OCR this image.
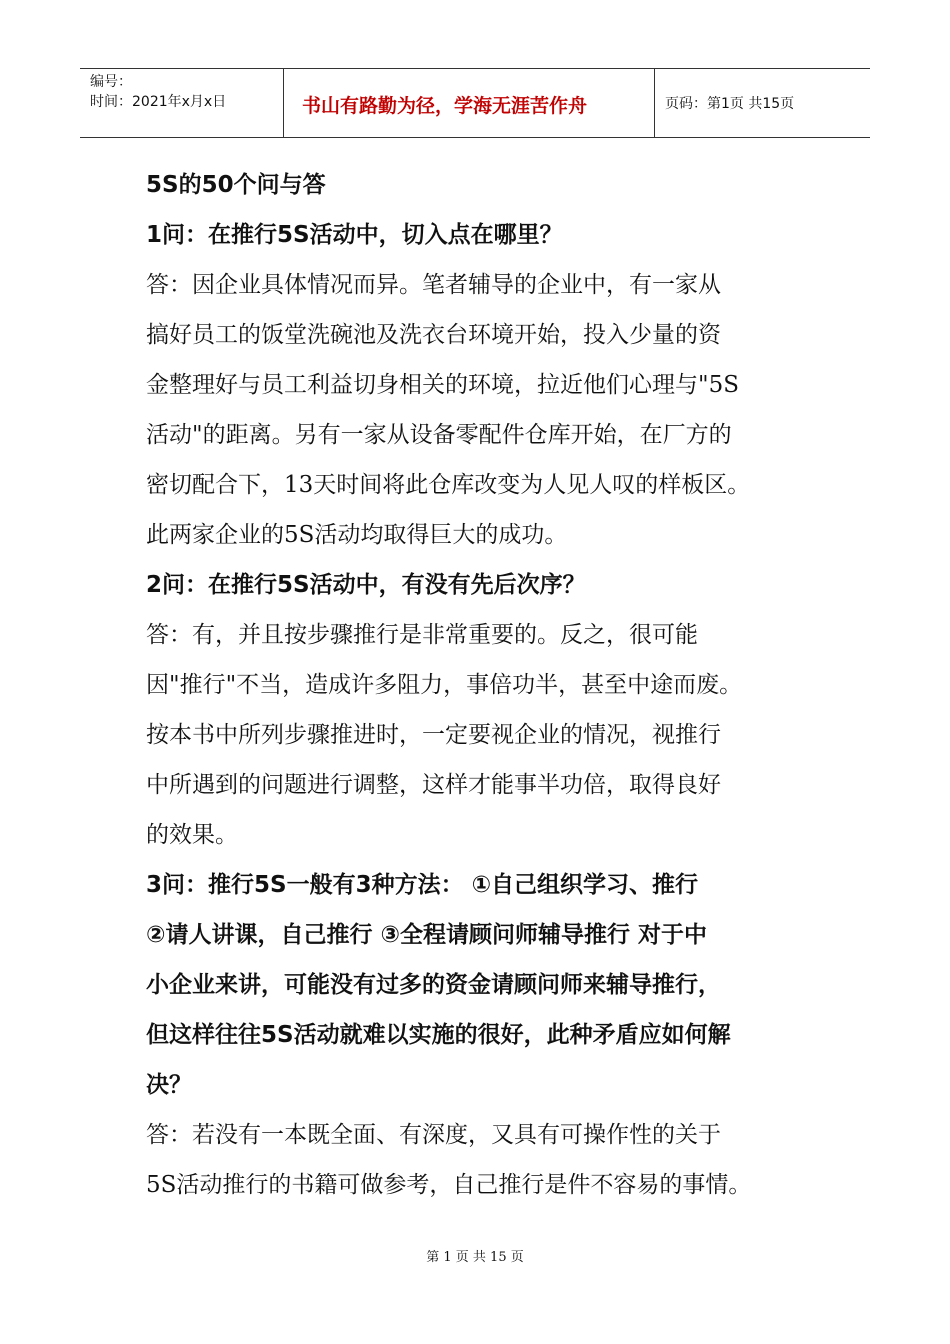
编号：
时间：2021年x月x日	书山有路勤为径，学海无涯苦作舟	页码：第1页 共15页
5S的50个问与答
1问：在推行5S活动中，切入点在哪里？
答：因企业具体情况而异。笔者辅导的企业中，有一家从
搞好员工的饭堂洗碗池及洗衣台环境开始，投入少量的资
金整理好与员工利益切身相关的环境，拉近他们心理与"5S
活动"的距离。另有一家从设备零配件仓库开始，在厂方的
密切配合下，13天时间将此仓库改变为人见人叹的样板区。
此两家企业的5S活动均取得巨大的成功。
2问：在推行5S活动中，有没有先后次序？
答：有，并且按步骤推行是非常重要的。反之，很可能
因"推行"不当，造成许多阻力，事倍功半，甚至中途而废。
按本书中所列步骤推进时，一定要视企业的情况，视推行
中所遇到的问题进行调整，这样才能事半功倍，取得良好
的效果。
3问：推行5S一般有3种方法： ①自己组织学习、推行
②请人讲课，自己推行 ③全程请顾问师辅导推行 对于中
小企业来讲，可能没有过多的资金请顾问师来辅导推行，
但这样往往5S活动就难以实施的很好，此种矛盾应如何解
决？
答：若没有一本既全面、有深度，又具有可操作性的关于
5S活动推行的书籍可做参考，自己推行是件不容易的事情。
第 1 页 共 15 页
